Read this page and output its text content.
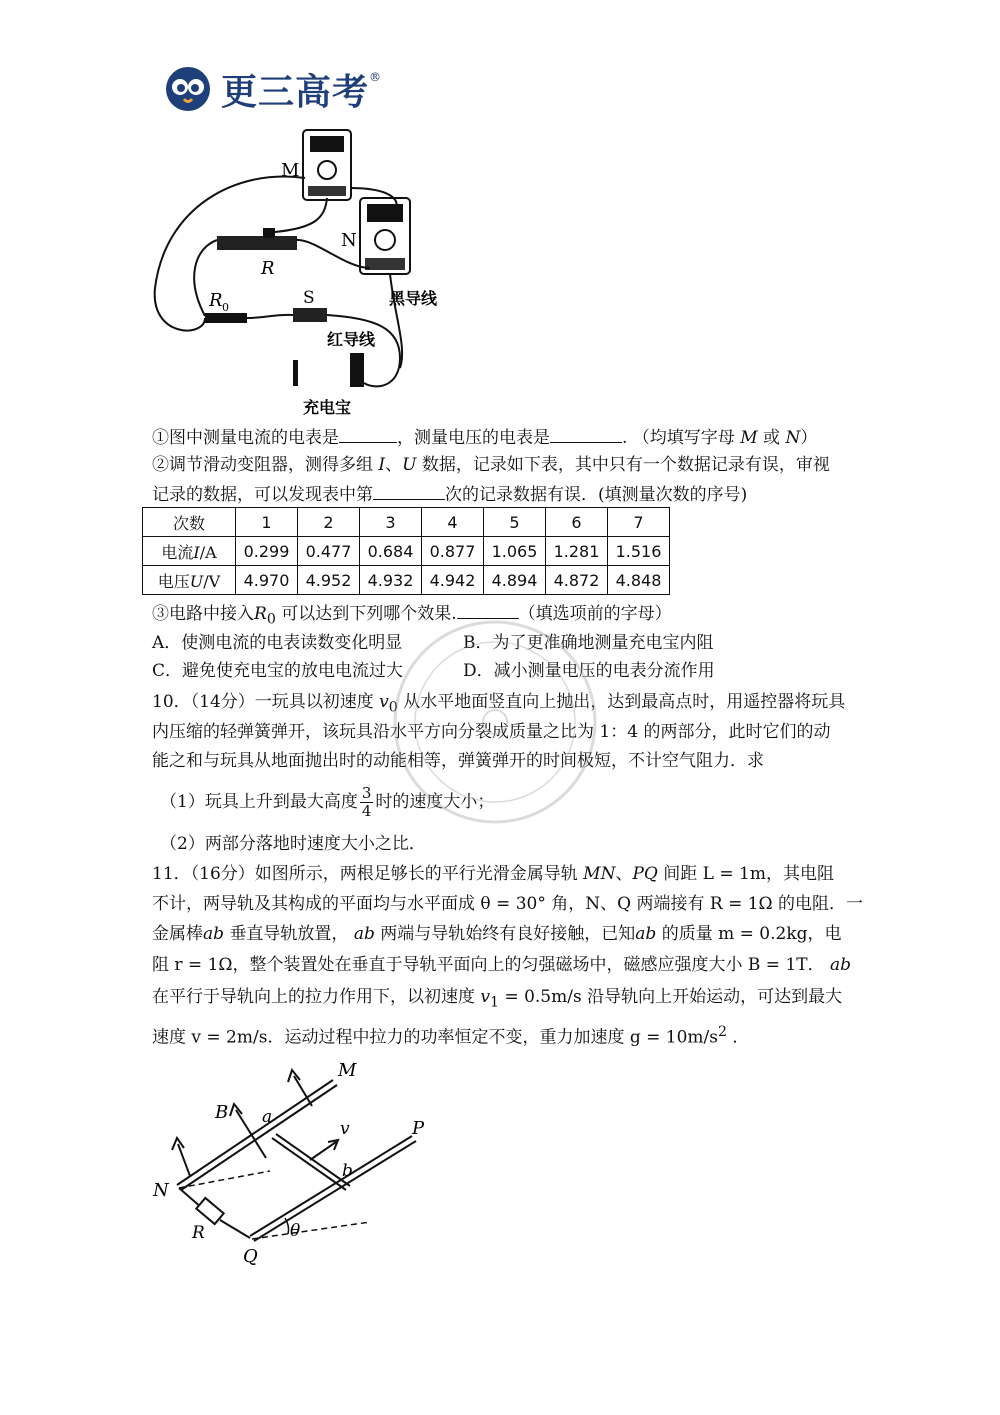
更三高考 ®
M
N
R
R 0	S	黑导线
红导线
充电宝
①图中测量电流的电表是	，测量电压的电表是	. （均填写字母 M 或 N）
②调节滑动变阻器，测得多组 I、U 数据，记录如下表，其中只有一个数据记录有误，审视
记录的数据，可以发现表中第	次的记录数据有误．(填测量次数的序号)
次数	1	2	3	4	5	6	7
电流I/A	0.299	0.477	0.684	0.877	1.065	1.281	1.516
电压U/V	4.970	4.952	4.932	4.942	4.894	4.872	4.848
③电路中接入$R_0$ 可以达到下列哪个效果.	（填选项前的字母）
A．使测电流的电表读数变化明显	B．为了更准确地测量充电宝内阻
C．避免使充电宝的放电电流过大	D．减小测量电压的电表分流作用
10．（14分）一玩具以初速度 $v_0$ 从水平地面竖直向上抛出，达到最高点时，用遥控器将玩具
内压缩的轻弹簧弹开，该玩具沿水平方向分裂成质量之比为 1：4 的两部分，此时它们的动
能之和与玩具从地面抛出时的动能相等，弹簧弹开的时间极短，不计空气阻力．求
（1）玩具上升到最大高度 $\frac{3}{4}$ 时的速度大小；
（2）两部分落地时速度大小之比．
11．（16分）如图所示，两根足够长的平行光滑金属导轨 MN、PQ 间距 L = 1m，其电阻
不计，两导轨及其构成的平面均与水平面成 θ = 30° 角，N、Q 两端接有 R = 1Ω 的电阻．一
金属棒ab 垂直导轨放置， ab 两端与导轨始终有良好接触，已知ab 的质量 m = 0.2kg，电
阻 r = 1Ω，整个装置处在垂直于导轨平面向上的匀强磁场中，磁感应强度大小 B = 1T． ab
在平行于导轨向上的拉力作用下，以初速度 $v_1 = 0.5m/s$ 沿导轨向上开始运动，可达到最大
速度 v = 2m/s．运动过程中拉力的功率恒定不变，重力加速度 $g = 10m/s^2$ ．
M
P
N
Q
B a
b
v
R	θ
